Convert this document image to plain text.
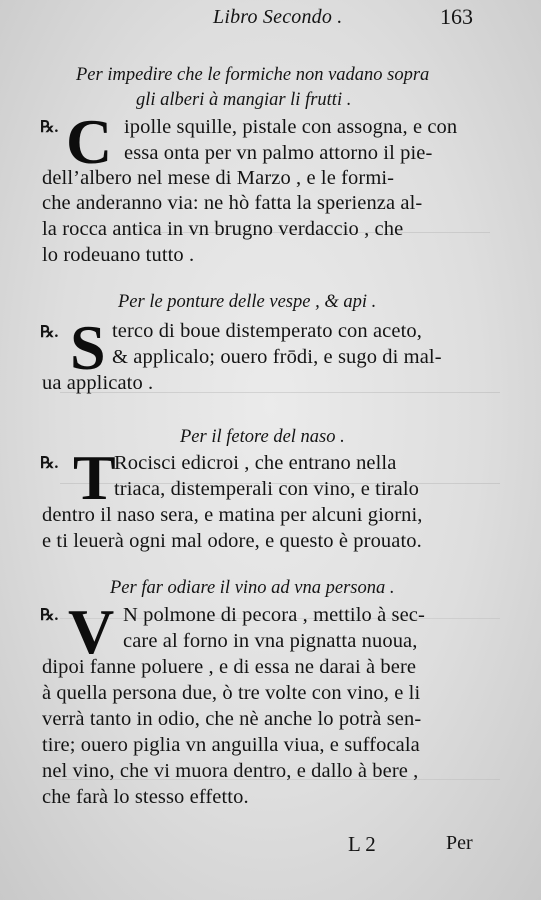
Libro Secondo .	163
Per impedire che le formiche non vadano sopra
gli alberi à mangiar li frutti .
℞. C ipolle squille, pistale con assogna, e con
essa onta per vn palmo attorno il pie-
dell’albero nel mese di Marzo , e le formi-
che anderanno via: ne hò fatta la sperienza al-
la rocca antica in vn brugno verdaccio , che
lo rodeuano tutto .
Per le ponture delle vespe , & api .
℞. S terco di boue distemperato con aceto,
& applicalo; ouero frōdi, e sugo di mal-
ua applicato .
Per il fetore del naso .
℞. T
Rocisci edicroi , che entrano nella
triaca, distemperali con vino, e tiralo
dentro il naso sera, e matina per alcuni giorni,
e ti leuerà ogni mal odore, e questo è prouato.
Per far odiare il vino ad vna persona .
℞. V N polmone di pecora , mettilo à sec-
care al forno in vna pignatta nuoua,
dipoi fanne poluere , e di essa ne darai à bere
à quella persona due, ò tre volte con vino, e li
verrà tanto in odio, che nè anche lo potrà sen-
tire; ouero piglia vn anguilla viua, e suffocala
nel vino, che vi muora dentro, e dallo à bere ,
che farà lo stesso effetto.
L 2	Per
